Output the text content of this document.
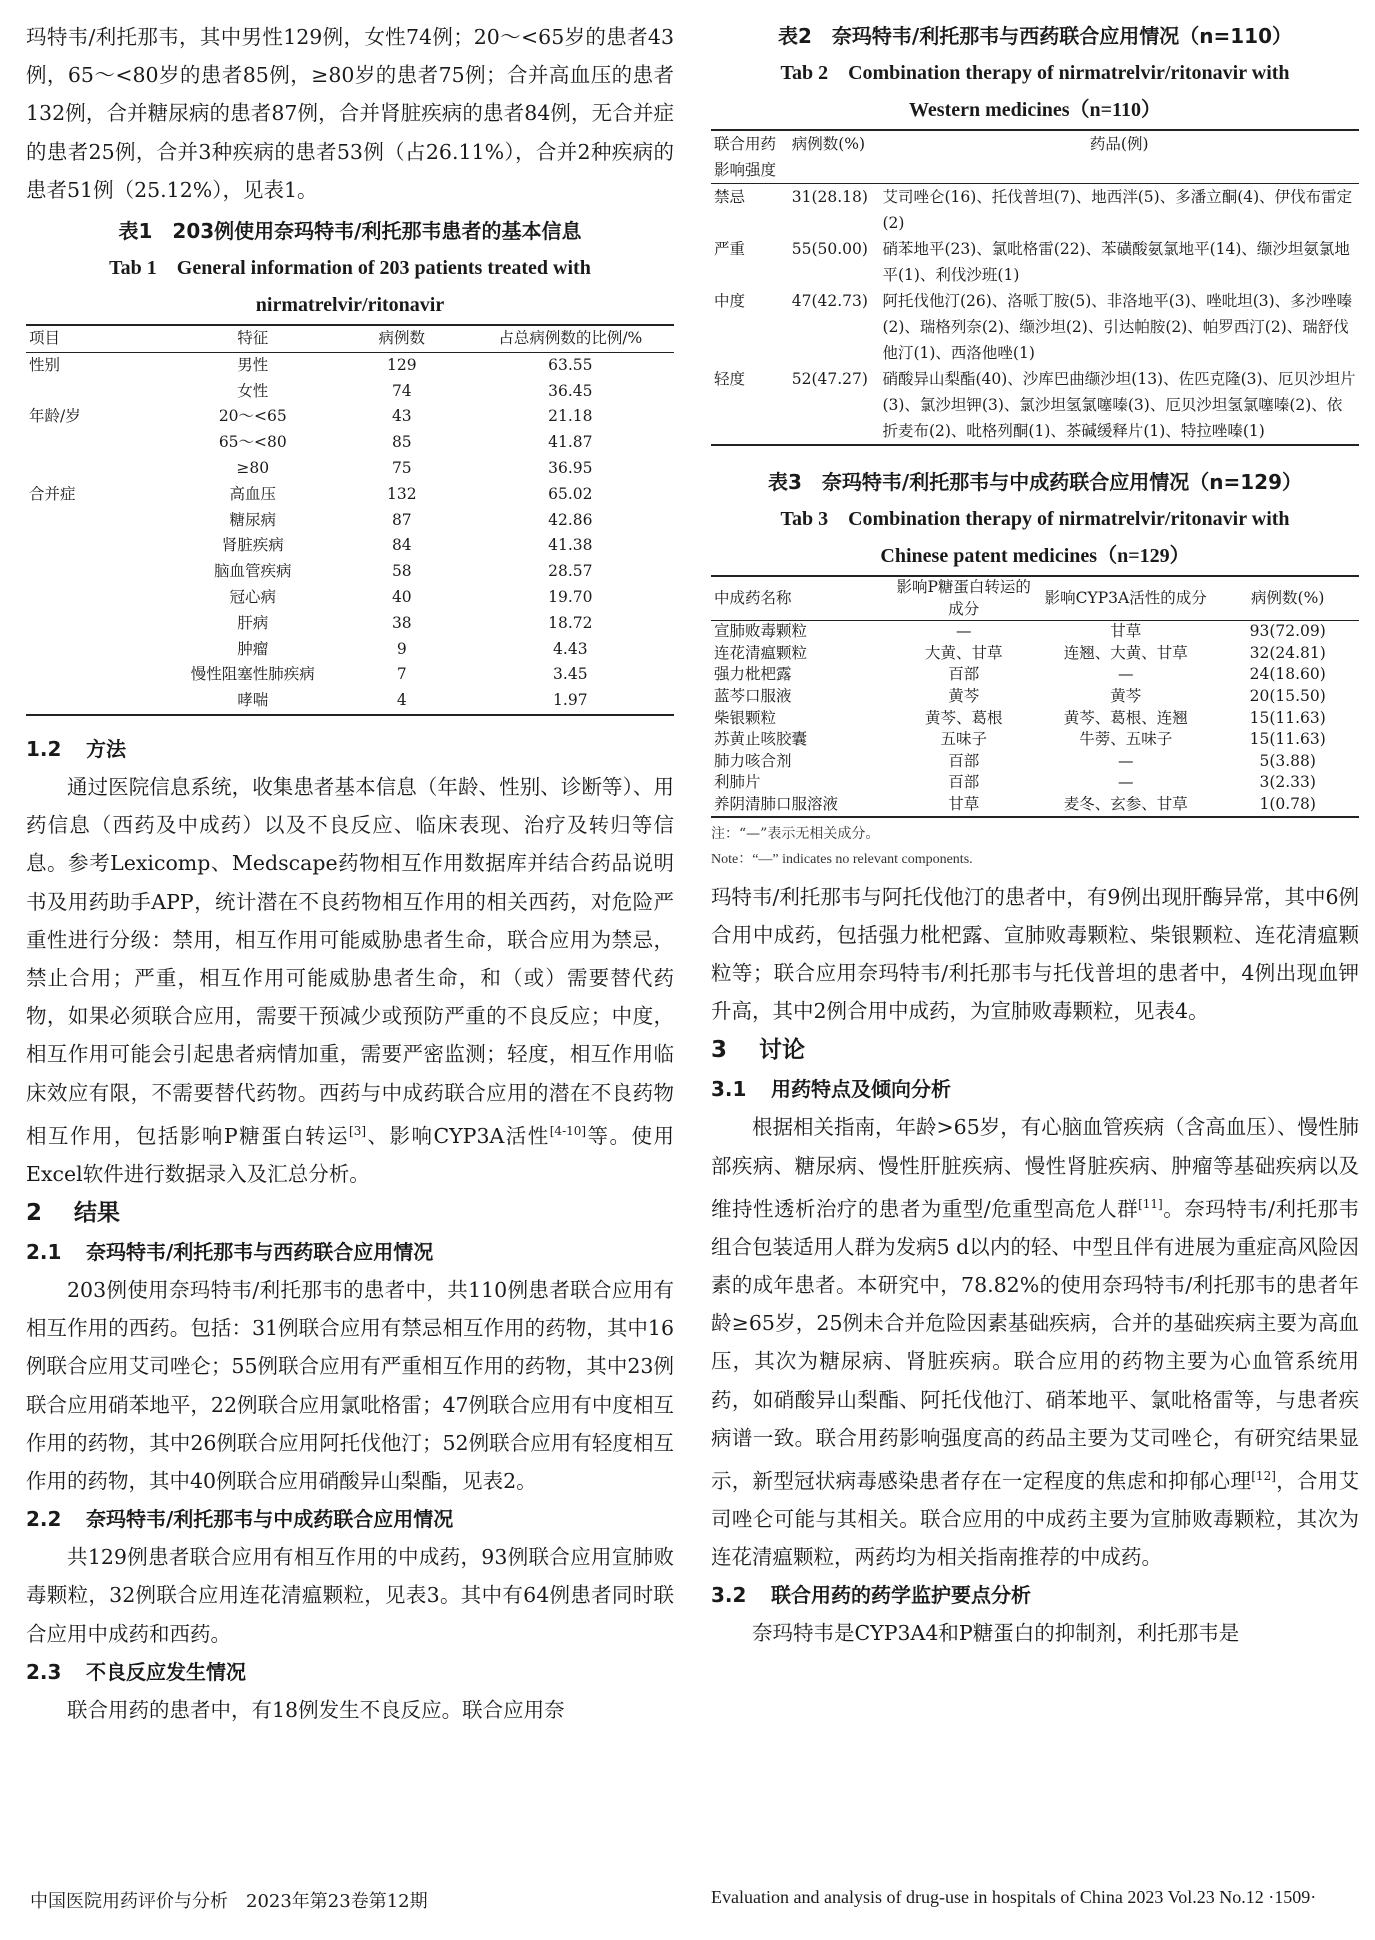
玛特韦/利托那韦，其中男性129例，女性74例；20～<65岁的患者43例，65～<80岁的患者85例，≥80岁的患者75例；合并高血压的患者132例，合并糖尿病的患者87例，合并肾脏疾病的患者84例，无合并症的患者25例，合并3种疾病的患者53例（占26.11%），合并2种疾病的患者51例（25.12%），见表1。

表1　203例使用奈玛特韦/利托那韦患者的基本信息

Tab 1　General information of 203 patients treated with

nirmatrelvir/ritonavir

项目	特征	病例数	占总病例数的比例/%
性别	男性	129	63.55
	女性	74	36.45
年龄/岁	20～<65	43	21.18
	65～<80	85	41.87
	≥80	75	36.95
合并症	高血压	132	65.02
	糖尿病	87	42.86
	肾脏疾病	84	41.38
	脑血管疾病	58	28.57
	冠心病	40	19.70
	肝病	38	18.72
	肿瘤	9	4.43
	慢性阻塞性肺疾病	7	3.45
	哮喘	4	1.97

1.2 方法

通过医院信息系统，收集患者基本信息（年龄、性别、诊断等）、用药信息（西药及中成药）以及不良反应、临床表现、治疗及转归等信息。参考Lexicomp、Medscape药物相互作用数据库并结合药品说明书及用药助手APP，统计潜在不良药物相互作用的相关西药，对危险严重性进行分级：禁用，相互作用可能威胁患者生命，联合应用为禁忌，禁止合用；严重，相互作用可能威胁患者生命，和（或）需要替代药物，如果必须联合应用，需要干预减少或预防严重的不良反应；中度，相互作用可能会引起患者病情加重，需要严密监测；轻度，相互作用临床效应有限，不需要替代药物。西药与中成药联合应用的潜在不良药物相互作用，包括影响P糖蛋白转运[3]、影响CYP3A活性[4-10]等。使用Excel软件进行数据录入及汇总分析。

2 结果

2.1 奈玛特韦/利托那韦与西药联合应用情况

203例使用奈玛特韦/利托那韦的患者中，共110例患者联合应用有相互作用的西药。包括：31例联合应用有禁忌相互作用的药物，其中16例联合应用艾司唑仑；55例联合应用有严重相互作用的药物，其中23例联合应用硝苯地平，22例联合应用氯吡格雷；47例联合应用有中度相互作用的药物，其中26例联合应用阿托伐他汀；52例联合应用有轻度相互作用的药物，其中40例联合应用硝酸异山梨酯，见表2。

2.2 奈玛特韦/利托那韦与中成药联合应用情况

共129例患者联合应用有相互作用的中成药，93例联合应用宣肺败毒颗粒，32例联合应用连花清瘟颗粒，见表3。其中有64例患者同时联合应用中成药和西药。

2.3 不良反应发生情况

联合用药的患者中，有18例发生不良反应。联合应用奈

表2　奈玛特韦/利托那韦与西药联合应用情况（n=110）

Tab 2　Combination therapy of nirmatrelvir/ritonavir with

Western medicines（n=110）

联合用药影响强度	病例数(%)	药品(例)
禁忌	31(28.18)	艾司唑仑(16)、托伐普坦(7)、地西泮(5)、多潘立酮(4)、伊伐布雷定(2)
严重	55(50.00)	硝苯地平(23)、氯吡格雷(22)、苯磺酸氨氯地平(14)、缬沙坦氨氯地平(1)、利伐沙班(1)
中度	47(42.73)	阿托伐他汀(26)、洛哌丁胺(5)、非洛地平(3)、唑吡坦(3)、多沙唑嗪(2)、瑞格列奈(2)、缬沙坦(2)、引达帕胺(2)、帕罗西汀(2)、瑞舒伐他汀(1)、西洛他唑(1)
轻度	52(47.27)	硝酸异山梨酯(40)、沙库巴曲缬沙坦(13)、佐匹克隆(3)、厄贝沙坦片(3)、氯沙坦钾(3)、氯沙坦氢氯噻嗪(3)、厄贝沙坦氢氯噻嗪(2)、依折麦布(2)、吡格列酮(1)、茶碱缓释片(1)、特拉唑嗪(1)

表3　奈玛特韦/利托那韦与中成药联合应用情况（n=129）

Tab 3　Combination therapy of nirmatrelvir/ritonavir with

Chinese patent medicines（n=129）

中成药名称	影响P糖蛋白转运的成分	影响CYP3A活性的成分	病例数(%)
宣肺败毒颗粒	—	甘草	93(72.09)
连花清瘟颗粒	大黄、甘草	连翘、大黄、甘草	32(24.81)
强力枇杷露	百部	—	24(18.60)
蓝芩口服液	黄芩	黄芩	20(15.50)
柴银颗粒	黄芩、葛根	黄芩、葛根、连翘	15(11.63)
苏黄止咳胶囊	五味子	牛蒡、五味子	15(11.63)
肺力咳合剂	百部	—	5(3.88)
利肺片	百部	—	3(2.33)
养阴清肺口服溶液	甘草	麦冬、玄参、甘草	1(0.78)

注：“—”表示无相关成分。

Note：“—” indicates no relevant components.

玛特韦/利托那韦与阿托伐他汀的患者中，有9例出现肝酶异常，其中6例合用中成药，包括强力枇杷露、宣肺败毒颗粒、柴银颗粒、连花清瘟颗粒等；联合应用奈玛特韦/利托那韦与托伐普坦的患者中，4例出现血钾升高，其中2例合用中成药，为宣肺败毒颗粒，见表4。

3 讨论

3.1 用药特点及倾向分析

根据相关指南，年龄>65岁，有心脑血管疾病（含高血压）、慢性肺部疾病、糖尿病、慢性肝脏疾病、慢性肾脏疾病、肿瘤等基础疾病以及维持性透析治疗的患者为重型/危重型高危人群[11]。奈玛特韦/利托那韦组合包装适用人群为发病5 d以内的轻、中型且伴有进展为重症高风险因素的成年患者。本研究中，78.82%的使用奈玛特韦/利托那韦的患者年龄≥65岁，25例未合并危险因素基础疾病，合并的基础疾病主要为高血压，其次为糖尿病、肾脏疾病。联合应用的药物主要为心血管系统用药，如硝酸异山梨酯、阿托伐他汀、硝苯地平、氯吡格雷等，与患者疾病谱一致。联合用药影响强度高的药品主要为艾司唑仑，有研究结果显示，新型冠状病毒感染患者存在一定程度的焦虑和抑郁心理[12]，合用艾司唑仑可能与其相关。联合应用的中成药主要为宣肺败毒颗粒，其次为连花清瘟颗粒，两药均为相关指南推荐的中成药。

3.2 联合用药的药学监护要点分析

奈玛特韦是CYP3A4和P糖蛋白的抑制剂，利托那韦是

中国医院用药评价与分析　2023年第23卷第12期	Evaluation and analysis of drug-use in hospitals of China 2023 Vol.23 No.12 ·1509·
